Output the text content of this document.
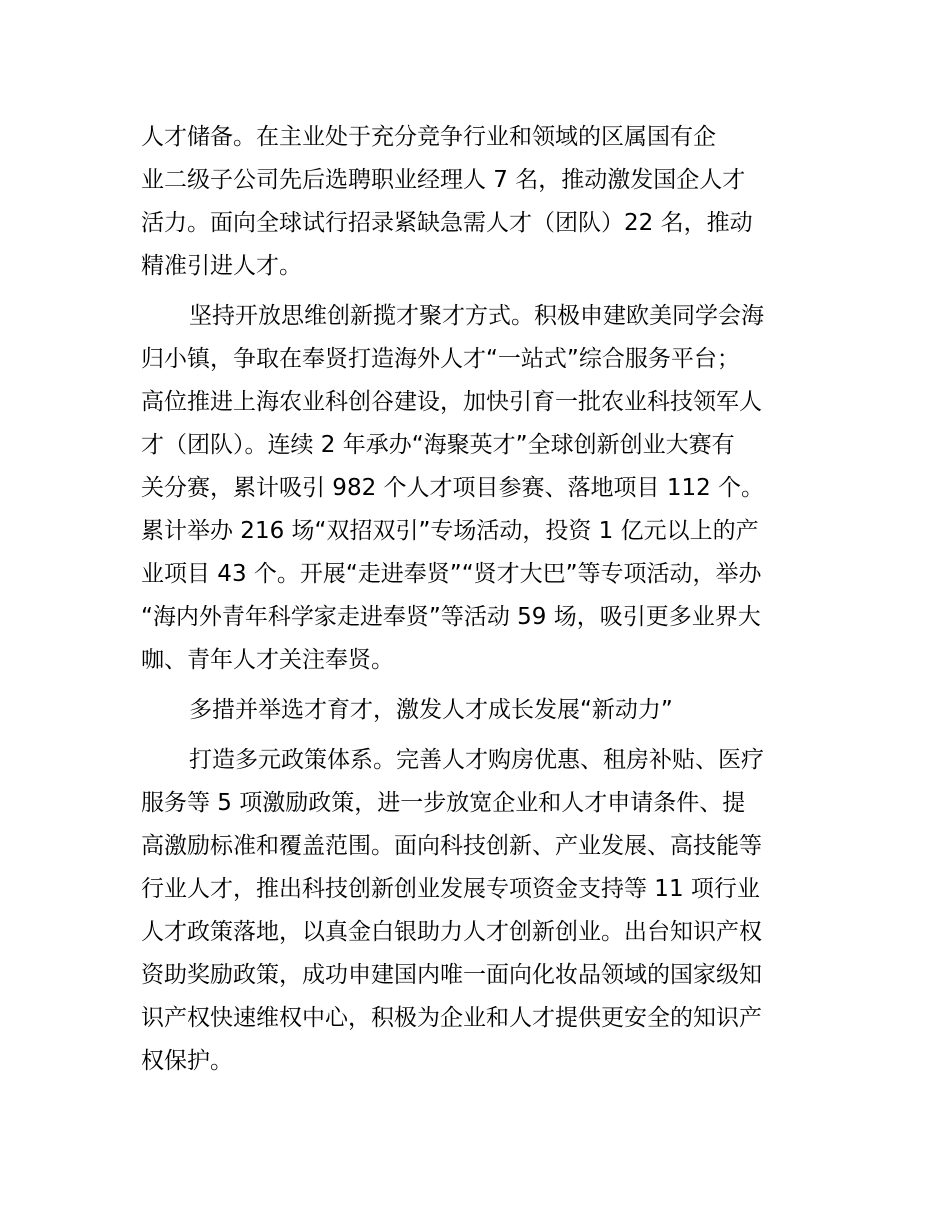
人才储备。在主业处于充分竞争行业和领域的区属国有企
业二级子公司先后选聘职业经理人 7 名，推动激发国企人才
活力。面向全球试行招录紧缺急需人才（团队）22 名，推动
精准引进人才。

坚持开放思维创新揽才聚才方式。积极申建欧美同学会海
归小镇，争取在奉贤打造海外人才“一站式”综合服务平台；
高位推进上海农业科创谷建设，加快引育一批农业科技领军人
才（团队）。连续 2 年承办“海聚英才”全球创新创业大赛有
关分赛，累计吸引 982 个人才项目参赛、落地项目 112 个。
累计举办 216 场“双招双引”专场活动，投资 1 亿元以上的产
业项目 43 个。开展“走进奉贤”“贤才大巴”等专项活动，举办
“海内外青年科学家走进奉贤”等活动 59 场，吸引更多业界大
咖、青年人才关注奉贤。

多措并举选才育才，激发人才成长发展“新动力”

打造多元政策体系。完善人才购房优惠、租房补贴、医疗
服务等 5 项激励政策，进一步放宽企业和人才申请条件、提
高激励标准和覆盖范围。面向科技创新、产业发展、高技能等
行业人才，推出科技创新创业发展专项资金支持等 11 项行业
人才政策落地，以真金白银助力人才创新创业。出台知识产权
资助奖励政策，成功申建国内唯一面向化妆品领域的国家级知
识产权快速维权中心，积极为企业和人才提供更安全的知识产
权保护。
